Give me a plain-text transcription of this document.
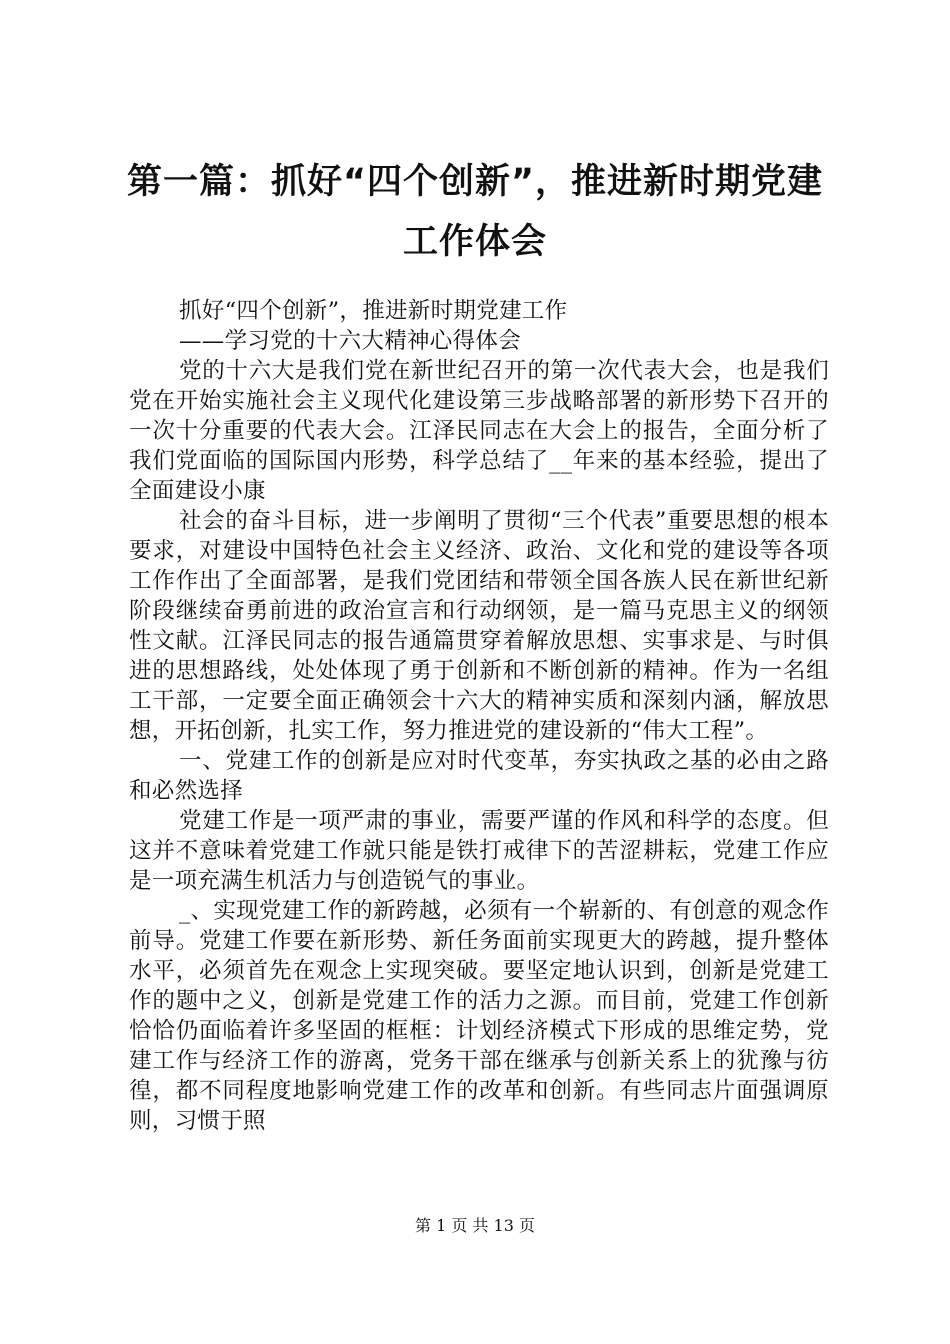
第一篇：抓好“四个创新”，推进新时期党建
工作体会

抓好“四个创新”，推进新时期党建工作

——学习党的十六大精神心得体会

党的十六大是我们党在新世纪召开的第一次代表大会，也是我们党在开始实施社会主义现代化建设第三步战略部署的新形势下召开的一次十分重要的代表大会。江泽民同志在大会上的报告，全面分析了我们党面临的国际国内形势，科学总结了__年来的基本经验，提出了全面建设小康

社会的奋斗目标，进一步阐明了贯彻“三个代表”重要思想的根本要求，对建设中国特色社会主义经济、政治、文化和党的建设等各项工作作出了全面部署，是我们党团结和带领全国各族人民在新世纪新阶段继续奋勇前进的政治宣言和行动纲领，是一篇马克思主义的纲领性文献。江泽民同志的报告通篇贯穿着解放思想、实事求是、与时俱进的思想路线，处处体现了勇于创新和不断创新的精神。作为一名组工干部，一定要全面正确领会十六大的精神实质和深刻内涵，解放思想，开拓创新，扎实工作，努力推进党的建设新的“伟大工程”。

一、党建工作的创新是应对时代变革，夯实执政之基的必由之路和必然选择

党建工作是一项严肃的事业，需要严谨的作风和科学的态度。但这并不意味着党建工作就只能是铁打戒律下的苦涩耕耘，党建工作应是一项充满生机活力与创造锐气的事业。

_、实现党建工作的新跨越，必须有一个崭新的、有创意的观念作前导。党建工作要在新形势、新任务面前实现更大的跨越，提升整体水平，必须首先在观念上实现突破。要坚定地认识到，创新是党建工作的题中之义，创新是党建工作的活力之源。而目前，党建工作创新恰恰仍面临着许多坚固的框框：计划经济模式下形成的思维定势，党建工作与经济工作的游离，党务干部在继承与创新关系上的犹豫与彷徨，都不同程度地影响党建工作的改革和创新。有些同志片面强调原则，习惯于照

第 1 页 共 13 页
